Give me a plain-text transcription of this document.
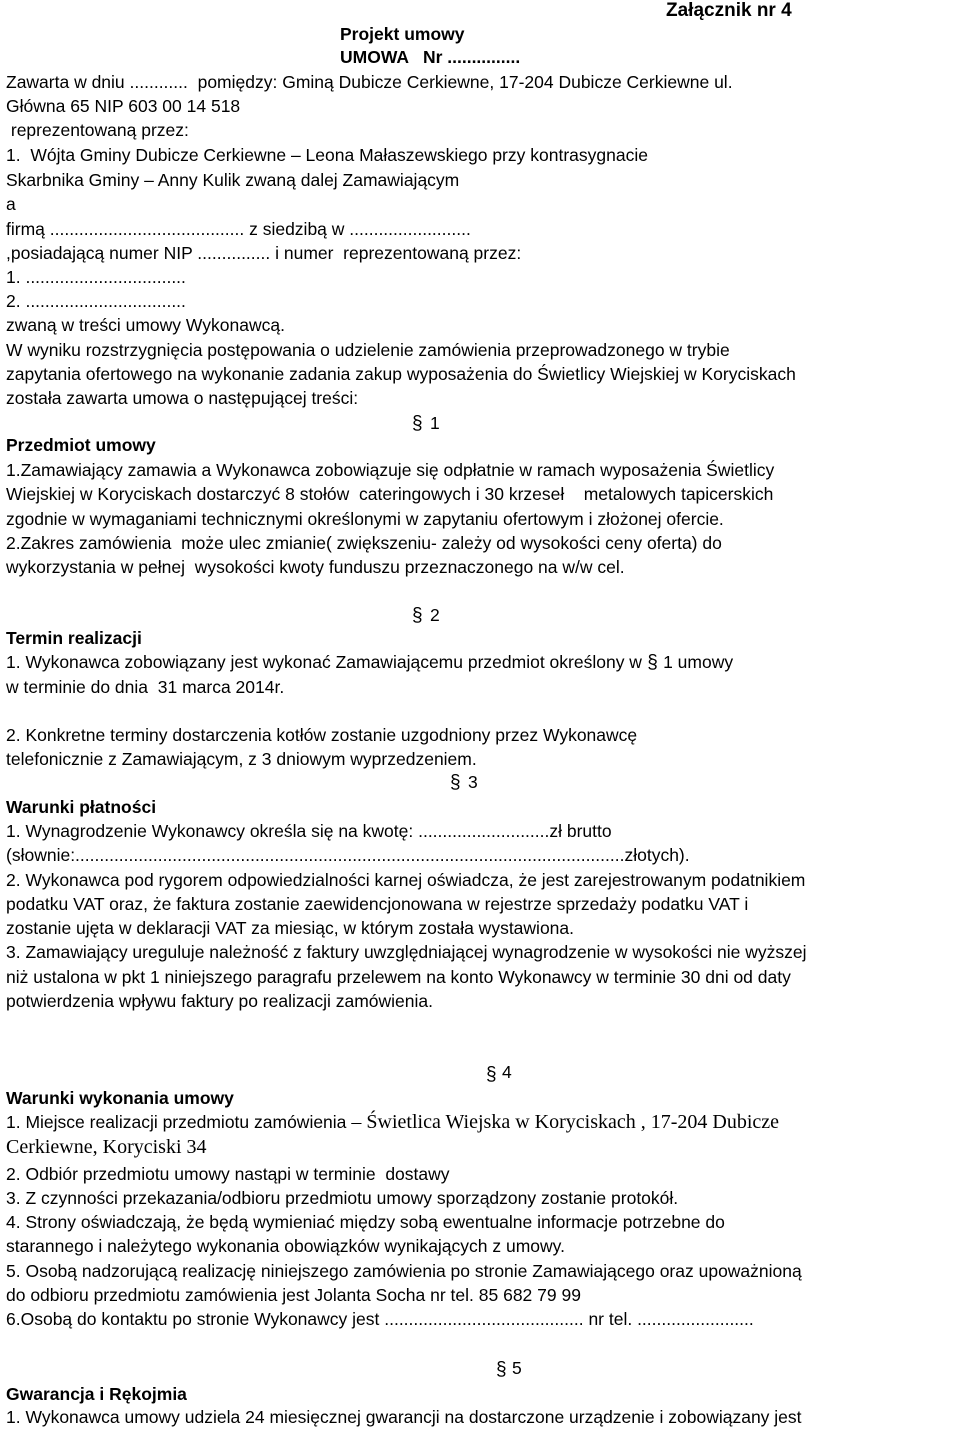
Załącznik nr 4
Projekt umowy
UMOWA   Nr ...............
Zawarta w dniu ............  pomiędzy: Gminą Dubicze Cerkiewne, 17-204 Dubicze Cerkiewne ul.
Główna 65 NIP 603 00 14 518
reprezentowaną przez:
1.  Wójta Gminy Dubicze Cerkiewne – Leona Małaszewskiego przy kontrasygnacie
Skarbnika Gminy – Anny Kulik zwaną dalej Zamawiającym
a
firmą ........................................ z siedzibą w .........................
,posiadającą numer NIP ............... i numer  reprezentowaną przez:
1. .................................
2. .................................
zwaną w treści umowy Wykonawcą.
W wyniku rozstrzygnięcia postępowania o udzielenie zamówienia przeprowadzonego w trybie
zapytania ofertowego na wykonanie zadania zakup wyposażenia do Świetlicy Wiejskiej w Koryciskach
została zawarta umowa o następującej treści:
§ 1
Przedmiot umowy
1.Zamawiający zamawia a Wykonawca zobowiązuje się odpłatnie w ramach wyposażenia Świetlicy
Wiejskiej w Koryciskach dostarczyć 8 stołów  cateringowych i 30 krzeseł    metalowych tapicerskich
zgodnie w wymaganiami technicznymi określonymi w zapytaniu ofertowym i złożonej ofercie.
2.Zakres zamówienia  może ulec zmianie( zwiększeniu- zależy od wysokości ceny oferta) do
wykorzystania w pełnej  wysokości kwoty funduszu przeznaczonego na w/w cel.
§ 2
Termin realizacji
1. Wykonawca zobowiązany jest wykonać Zamawiającemu przedmiot określony w § 1 umowy
w terminie do dnia  31 marca 2014r.
2. Konkretne terminy dostarczenia kotłów zostanie uzgodniony przez Wykonawcę
telefonicznie z Zamawiającym, z 3 dniowym wyprzedzeniem.
§ 3
Warunki płatności
1. Wynagrodzenie Wykonawcy określa się na kwotę: ...........................zł brutto
(słownie:.................................................................................................................złotych).
2. Wykonawca pod rygorem odpowiedzialności karnej oświadcza, że jest zarejestrowanym podatnikiem
podatku VAT oraz, że faktura zostanie zaewidencjonowana w rejestrze sprzedaży podatku VAT i
zostanie ujęta w deklaracji VAT za miesiąc, w którym została wystawiona.
3. Zamawiający ureguluje należność z faktury uwzględniającej wynagrodzenie w wysokości nie wyższej
niż ustalona w pkt 1 niniejszego paragrafu przelewem na konto Wykonawcy w terminie 30 dni od daty
potwierdzenia wpływu faktury po realizacji zamówienia.
§ 4
Warunki wykonania umowy
1. Miejsce realizacji przedmiotu zamówienia – Świetlica Wiejska w Koryciskach , 17-204 Dubicze
Cerkiewne, Koryciski 34
2. Odbiór przedmiotu umowy nastąpi w terminie  dostawy
3. Z czynności przekazania/odbioru przedmiotu umowy sporządzony zostanie protokół.
4. Strony oświadczają, że będą wymieniać między sobą ewentualne informacje potrzebne do
starannego i należytego wykonania obowiązków wynikających z umowy.
5. Osobą nadzorującą realizację niniejszego zamówienia po stronie Zamawiającego oraz upoważnioną
do odbioru przedmiotu zamówienia jest Jolanta Socha nr tel. 85 682 79 99
6.Osobą do kontaktu po stronie Wykonawcy jest ......................................... nr tel. ........................
§ 5
Gwarancja i Rękojmia
1. Wykonawca umowy udziela 24 miesięcznej gwarancji na dostarczone urządzenie i zobowiązany jest
